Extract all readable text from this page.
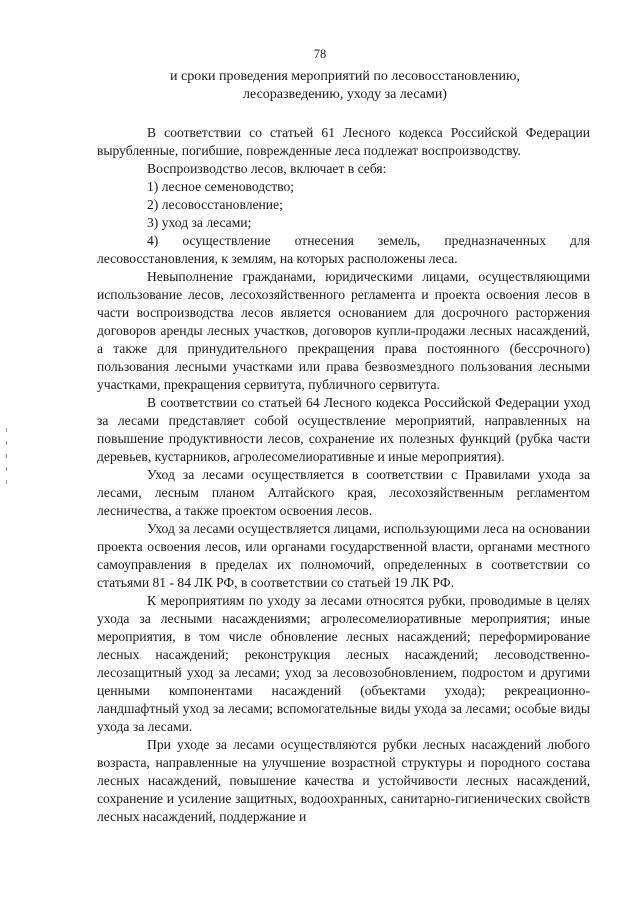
78
и сроки проведения мероприятий по лесовосстановлению,
лесоразведению, уходу за лесами)

В соответствии со статьей 61 Лесного кодекса Российской Федерации вырубленные, погибшие, поврежденные леса подлежат воспроизводству.

Воспроизводство лесов, включает в себя:

1) лесное семеноводство;

2) лесовосстановление;

3) уход за лесами;

4) осуществление отнесения земель, предназначенных для

лесовосстановления, к землям, на которых расположены леса.

Невыполнение гражданами, юридическими лицами, осуществляющими использование лесов, лесохозяйственного регламента и проекта освоения лесов в части воспроизводства лесов является основанием для досрочного расторжения договоров аренды лесных участков, договоров купли-продажи лесных насаждений, а также для принудительного прекращения права постоянного (бессрочного) пользования лесными участками или права безвозмездного пользования лесными участками, прекращения сервитута, публичного сервитута.

В соответствии со статьей 64 Лесного кодекса Российской Федерации уход за лесами представляет собой осуществление мероприятий, направленных на повышение продуктивности лесов, сохранение их полезных функций (рубка части деревьев, кустарников, агролесомелиоративные и иные мероприятия).

Уход за лесами осуществляется в соответствии с Правилами ухода за лесами, лесным планом Алтайского края, лесохозяйственным регламентом лесничества, а также проектом освоения лесов.

Уход за лесами осуществляется лицами, использующими леса на основании проекта освоения лесов, или органами государственной власти, органами местного самоуправления в пределах их полномочий, определенных в соответствии со статьями 81 - 84 ЛК РФ, в соответствии со статьей 19 ЛК РФ.

К мероприятиям по уходу за лесами относятся рубки, проводимые в целях ухода за лесными насаждениями; агролесомелиоративные мероприятия; иные мероприятия, в том числе обновление лесных насаждений; переформирование лесных насаждений; реконструкция лесных насаждений; лесоводственно-лесозащитный уход за лесами; уход за лесовозобновлением, подростом и другими ценными компонентами насаждений (объектами ухода); рекреационно-ландшафтный уход за лесами; вспомогательные виды ухода за лесами; особые виды ухода за лесами.

При уходе за лесами осуществляются рубки лесных насаждений любого возраста, направленные на улучшение возрастной структуры и породного состава лесных насаждений, повышение качества и устойчивости лесных насаждений, сохранение и усиление защитных, водоохранных, санитарно-гигиенических свойств лесных насаждений, поддержание и
